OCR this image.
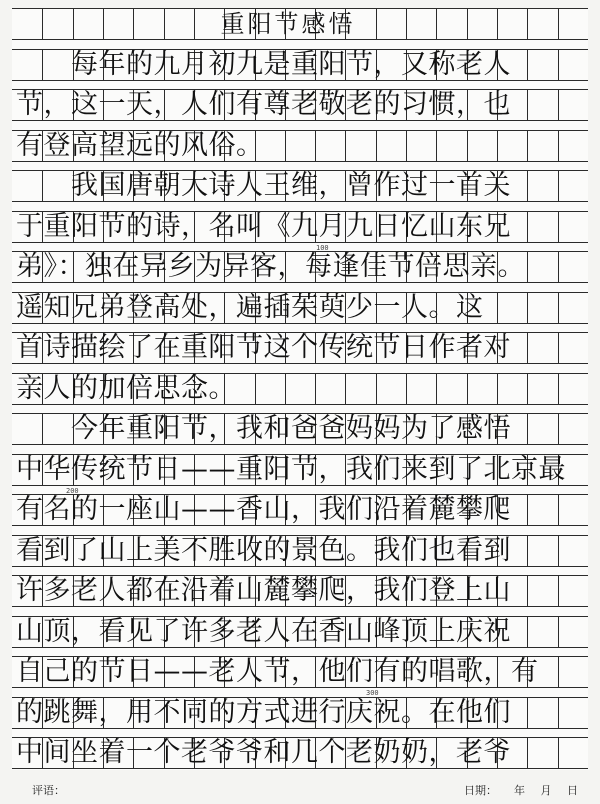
重阳节感悟
　　每年的九月初九是重阳节，又称老人
节，这一天，人们有尊老敬老的习惯，也
有登高望远的风俗。
　　我国唐朝大诗人王维，曾作过一首关
于重阳节的诗，名叫《九月九日忆山东兄
弟》：独在异乡为异客，每逢佳节倍思亲。
遥知兄弟登高处，遍插茱萸少一人。这
首诗描绘了在重阳节这个传统节日作者对
亲人的加倍思念。
　　今年重阳节，我和爸爸妈妈为了感悟
中华传统节日——重阳节，我们来到了北京最
有名的一座山——香山，我们沿着麓攀爬
看到了山上美不胜收的景色。我们也看到
许多老人都在沿着山麓攀爬，我们登上山
山顶，看见了许多老人在香山峰顶上庆祝
自己的节日——老人节，他们有的唱歌，有
的跳舞，用不同的方式进行庆祝。在他们
中间坐着一个老爷爷和几个老奶奶，老爷
100
200
300
评语：	日期： 年 月 日
